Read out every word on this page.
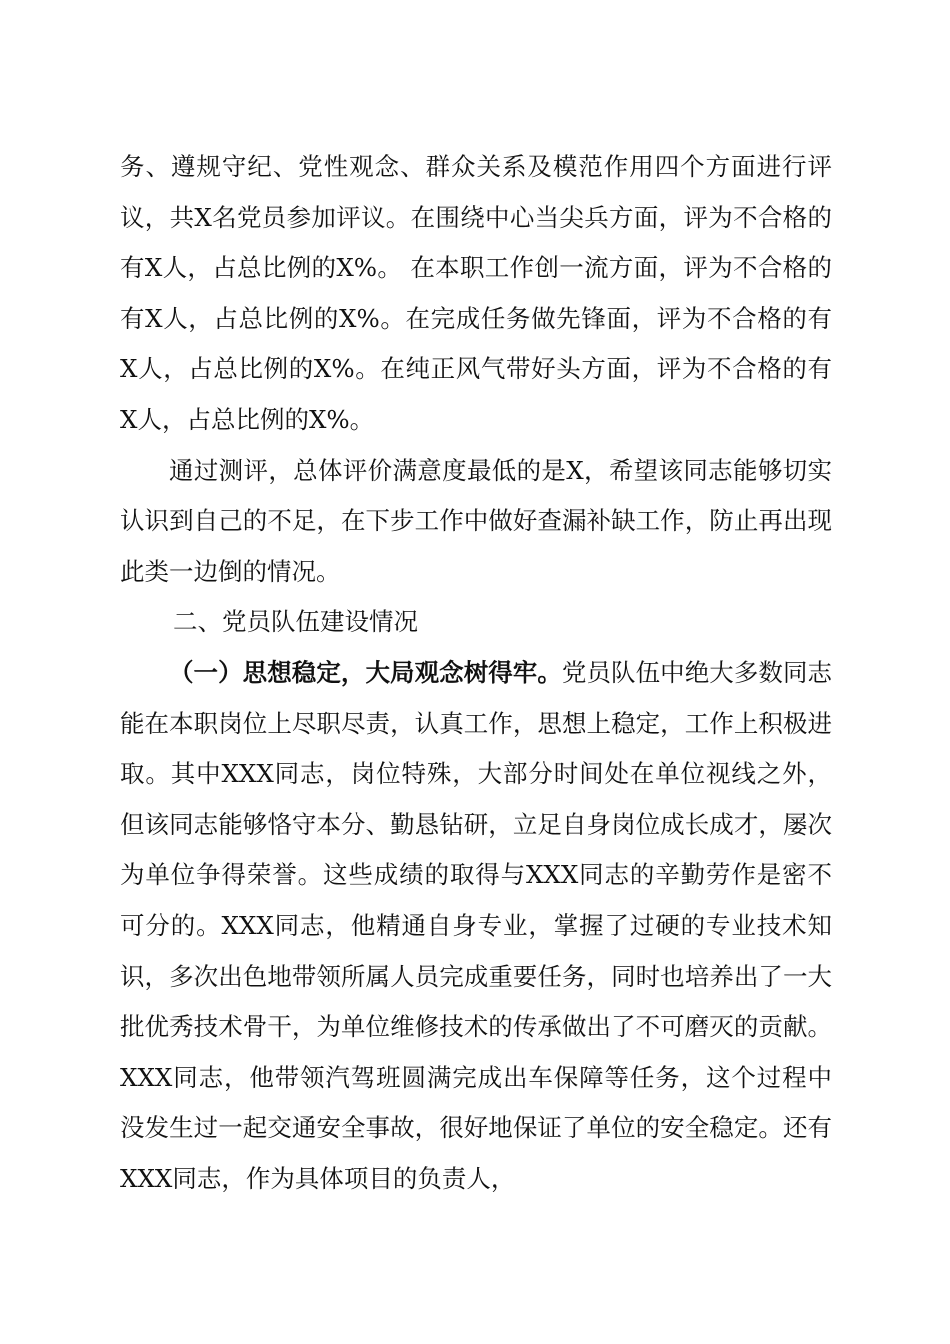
务、遵规守纪、党性观念、群众关系及模范作用四个方面进行评议，共X名党员参加评议。在围绕中心当尖兵方面，评为不合格的有X人，占总比例的X%。 在本职工作创一流方面，评为不合格的有X人，占总比例的X%。在完成任务做先锋面，评为不合格的有X人，占总比例的X%。在纯正风气带好头方面，评为不合格的有X人，占总比例的X%。

通过测评，总体评价满意度最低的是X，希望该同志能够切实认识到自己的不足，在下步工作中做好查漏补缺工作，防止再出现此类一边倒的情况。

二、党员队伍建设情况

（一）思想稳定，大局观念树得牢。党员队伍中绝大多数同志能在本职岗位上尽职尽责，认真工作，思想上稳定，工作上积极进取。其中XXX同志，岗位特殊，大部分时间处在单位视线之外，但该同志能够恪守本分、勤恳钻研，立足自身岗位成长成才，屡次为单位争得荣誉。这些成绩的取得与XXX同志的辛勤劳作是密不可分的。XXX同志，他精通自身专业，掌握了过硬的专业技术知识，多次出色地带领所属人员完成重要任务，同时也培养出了一大批优秀技术骨干，为单位维修技术的传承做出了不可磨灭的贡献。XXX同志，他带领汽驾班圆满完成出车保障等任务，这个过程中没发生过一起交通安全事故，很好地保证了单位的安全稳定。还有XXX同志，作为具体项目的负责人，
